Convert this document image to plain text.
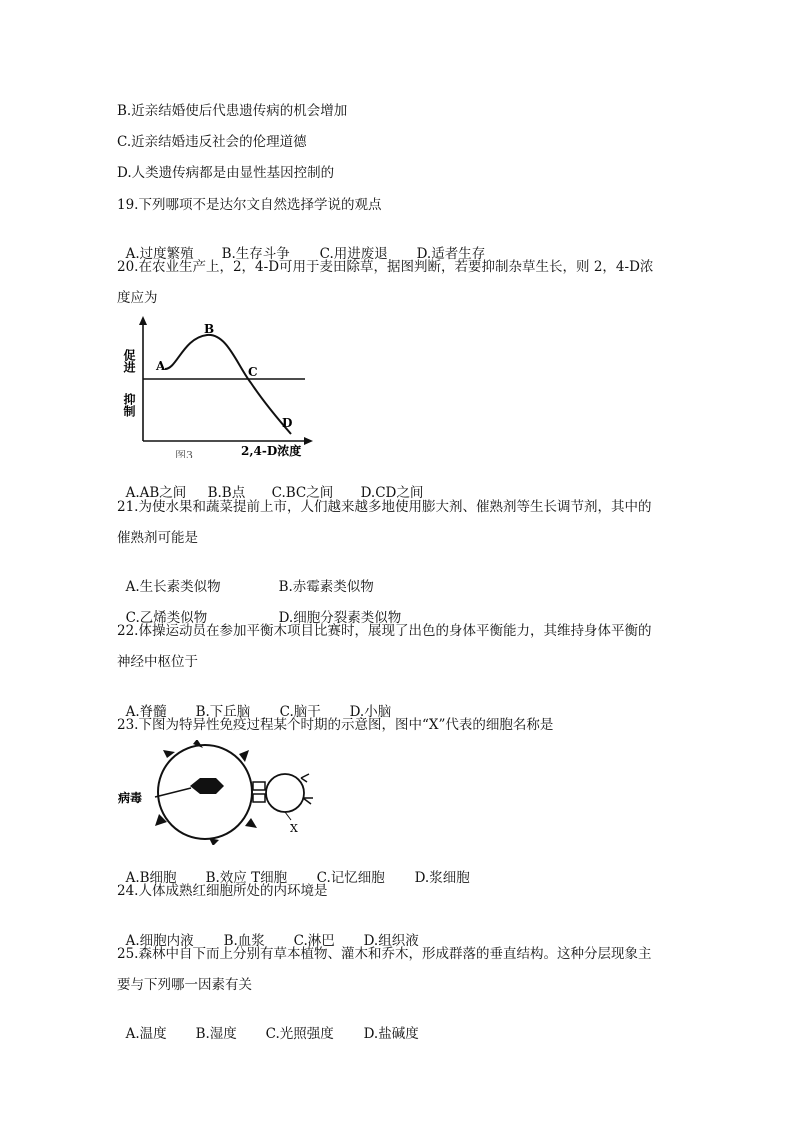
B.近亲结婚使后代患遗传病的机会增加
C.近亲结婚违反社会的伦理道德
D.人类遗传病都是由显性基因控制的
19.下列哪项不是达尔文自然选择学说的观点

A.过度繁殖 B.生存斗争 C.用进废退 D.适者生存

20.在农业生产上，2，4-D可用于麦田除草，据图判断，若要抑制杂草生长，则 2，4-D浓
度应为
A
B
C
D
促进
抑制
2,4-D浓度
图3

A.AB之间 B.B点 C.BC之间 D.CD之间

21.为使水果和蔬菜提前上市，人们越来越多地使用膨大剂、催熟剂等生长调节剂，其中的
催熟剂可能是

A.生长素类似物	B.赤霉素类似物

C.乙烯类似物	D.细胞分裂素类似物

22.体操运动员在参加平衡木项目比赛时，展现了出色的身体平衡能力，其维持身体平衡的
神经中枢位于

A.脊髓 B.下丘脑 C.脑干 D.小脑

23.下图为特异性免疫过程某个时期的示意图，图中“X”代表的细胞名称是
病毒
X

A.B细胞 B.效应 T细胞 C.记忆细胞 D.浆细胞

24.人体成熟红细胞所处的内环境是

A.细胞内液 B.血浆 C.淋巴 D.组织液

25.森林中自下而上分别有草本植物、灌木和乔木，形成群落的垂直结构。这种分层现象主
要与下列哪一因素有关

A.温度 B.湿度 C.光照强度 D.盐碱度
